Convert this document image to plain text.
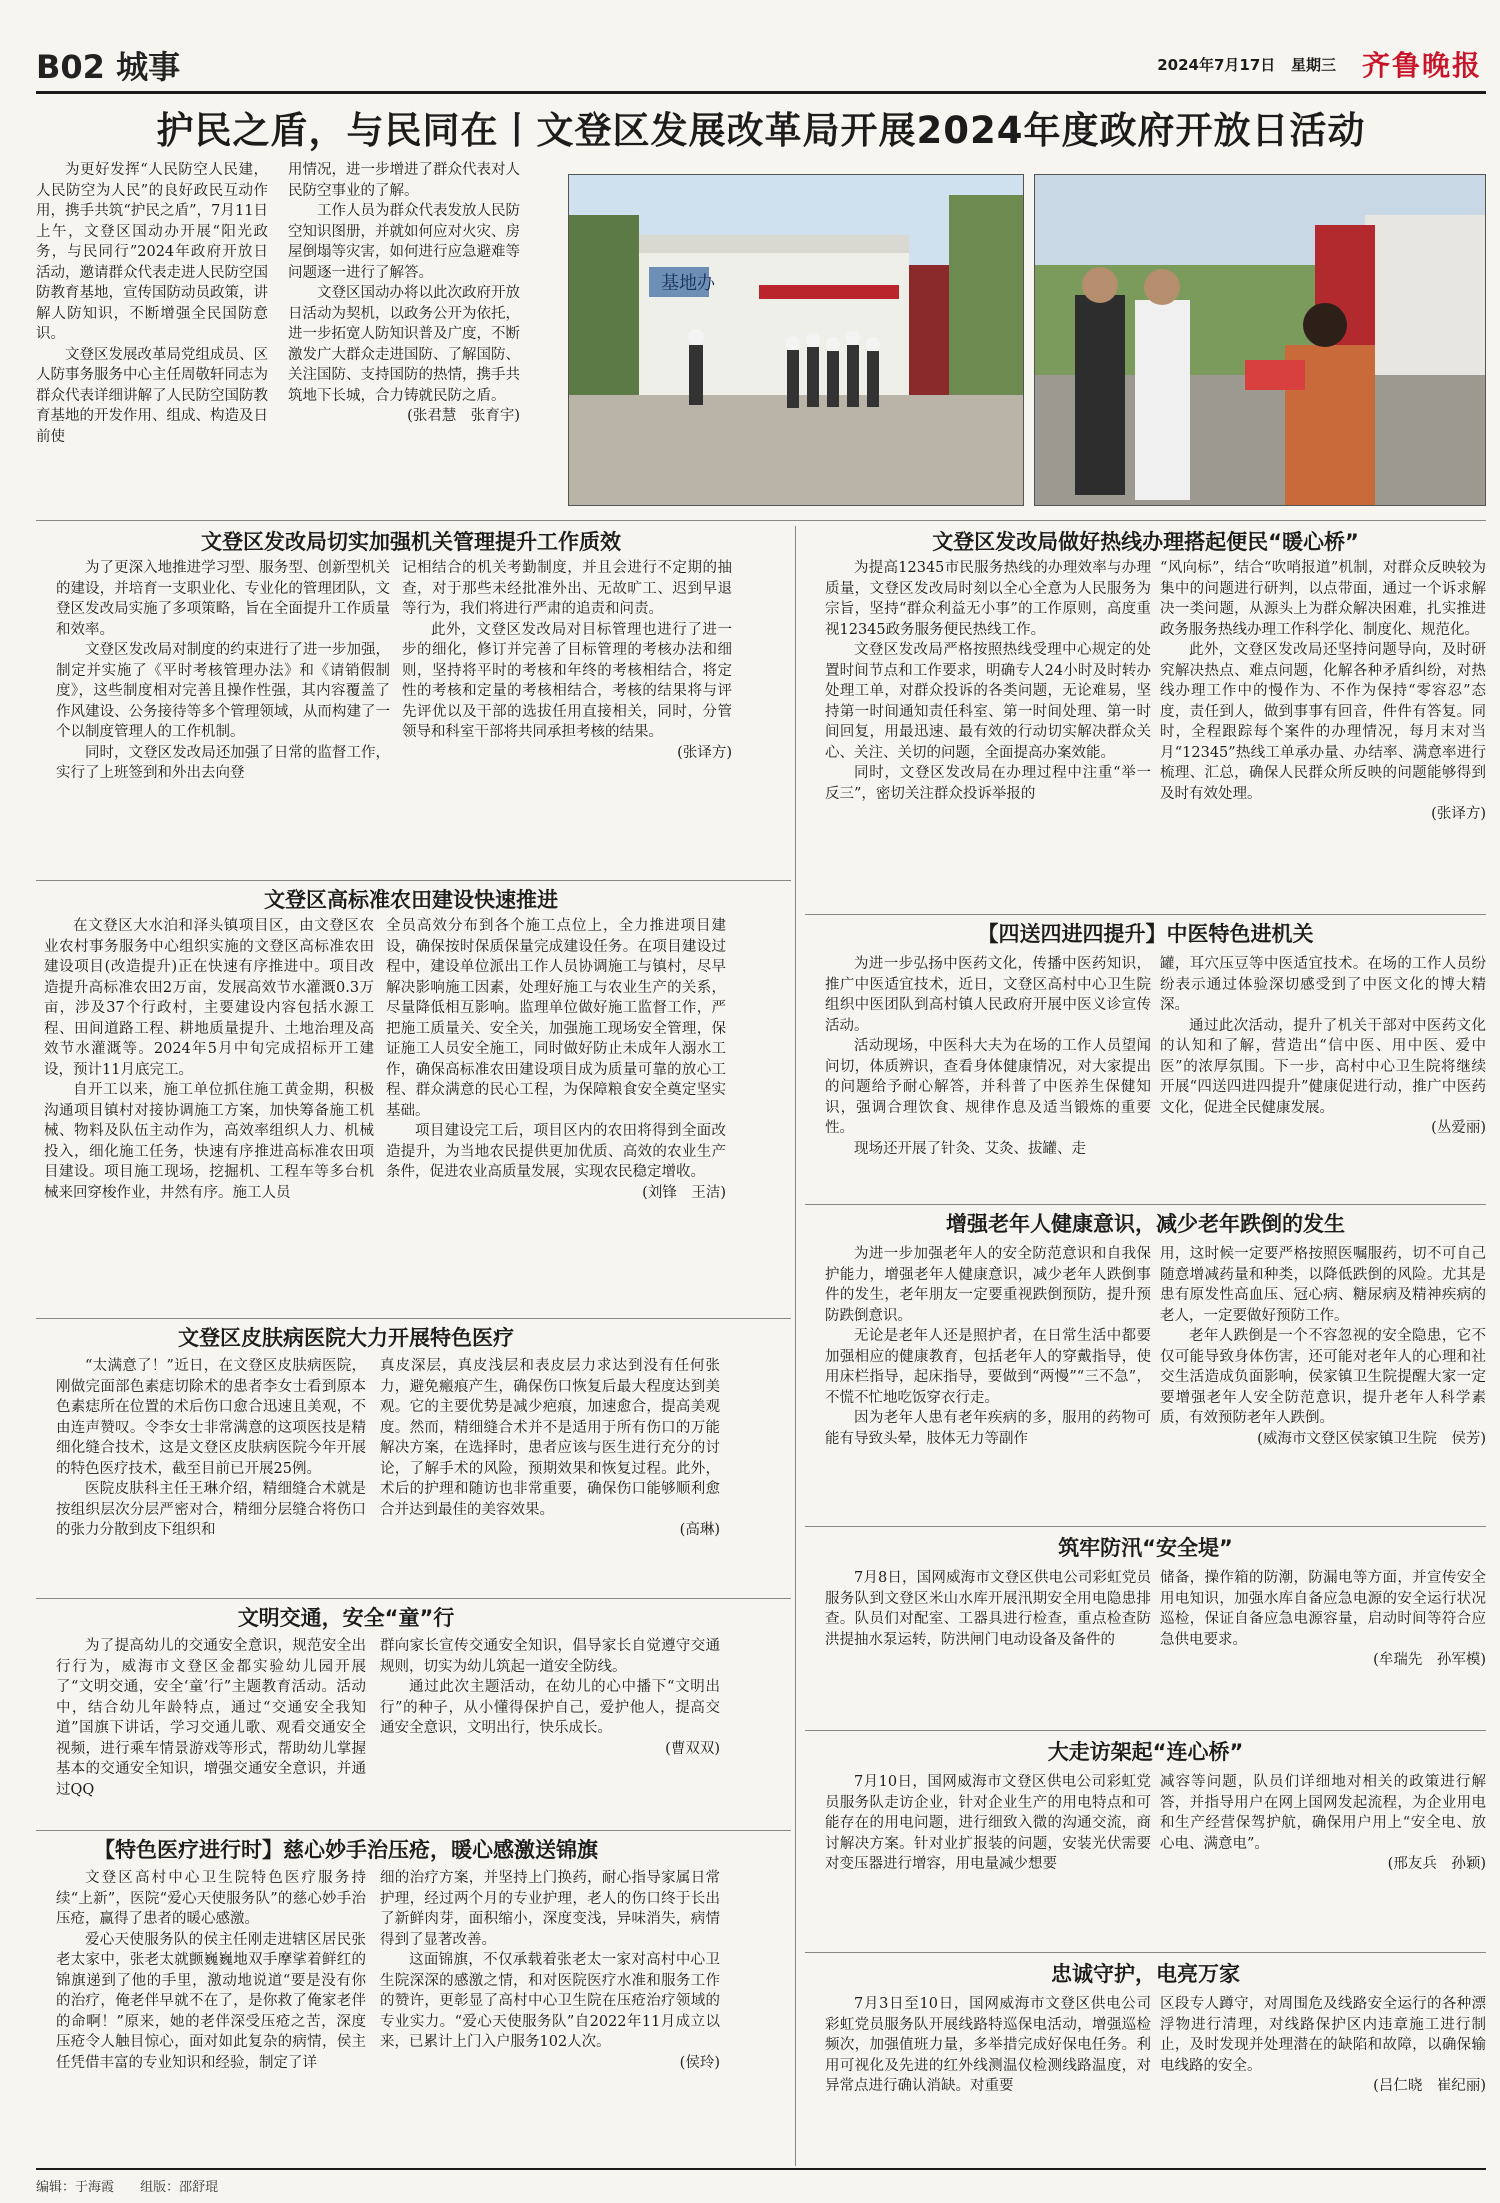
B02 城事	2024年7月17日 星期三 齐鲁晚报
护民之盾，与民同在丨文登区发展改革局开展2024年度政府开放日活动

为更好发挥“人民防空人民建，人民防空为人民”的良好政民互动作用，携手共筑“护民之盾”，7月11日上午，文登区国动办开展“阳光政务，与民同行”2024年政府开放日活动，邀请群众代表走进人民防空国防教育基地，宣传国防动员政策，讲解人防知识，不断增强全民国防意识。

文登区发展改革局党组成员、区人防事务服务中心主任周敬轩同志为群众代表详细讲解了人民防空国防教育基地的开发作用、组成、构造及日前使

用情况，进一步增进了群众代表对人民防空事业的了解。

工作人员为群众代表发放人民防空知识图册，并就如何应对火灾、房屋倒塌等灾害，如何进行应急避难等问题逐一进行了解答。

文登区国动办将以此次政府开放日活动为契机，以政务公开为依托，进一步拓宽人防知识普及广度，不断激发广大群众走进国防、了解国防、关注国防、支持国防的热情，携手共筑地下长城，合力铸就民防之盾。

(张君慧　张育宇)
基地办
文登区发改局切实加强机关管理提升工作质效

为了更深入地推进学习型、服务型、创新型机关的建设，并培育一支职业化、专业化的管理团队，文登区发改局实施了多项策略，旨在全面提升工作质量和效率。

文登区发改局对制度的约束进行了进一步加强，制定并实施了《平时考核管理办法》和《请销假制度》，这些制度相对完善且操作性强，其内容覆盖了作风建设、公务接待等多个管理领域，从而构建了一个以制度管理人的工作机制。

同时，文登区发改局还加强了日常的监督工作，实行了上班签到和外出去向登

记相结合的机关考勤制度，并且会进行不定期的抽查，对于那些未经批准外出、无故旷工、迟到早退等行为，我们将进行严肃的追责和问责。

此外，文登区发改局对目标管理也进行了进一步的细化，修订并完善了目标管理的考核办法和细则，坚持将平时的考核和年终的考核相结合，将定性的考核和定量的考核相结合，考核的结果将与评先评优以及干部的选拔任用直接相关，同时，分管领导和科室干部将共同承担考核的结果。

(张译方)
文登区发改局做好热线办理搭起便民“暖心桥”

为提高12345市民服务热线的办理效率与办理质量，文登区发改局时刻以全心全意为人民服务为宗旨，坚持“群众利益无小事”的工作原则，高度重视12345政务服务便民热线工作。

文登区发改局严格按照热线受理中心规定的处置时间节点和工作要求，明确专人24小时及时转办处理工单，对群众投诉的各类问题，无论难易，坚持第一时间通知责任科室、第一时间处理、第一时间回复，用最迅速、最有效的行动切实解决群众关心、关注、关切的问题，全面提高办案效能。

同时，文登区发改局在办理过程中注重“举一反三”，密切关注群众投诉举报的

“风向标”，结合“吹哨报道”机制，对群众反映较为集中的问题进行研判，以点带面，通过一个诉求解决一类问题，从源头上为群众解决困难，扎实推进政务服务热线办理工作科学化、制度化、规范化。

此外，文登区发改局还坚持问题导向，及时研究解决热点、难点问题，化解各种矛盾纠纷，对热线办理工作中的慢作为、不作为保持“零容忍”态度，责任到人，做到事事有回音，件件有答复。同时，全程跟踪每个案件的办理情况，每月末对当月“12345”热线工单承办量、办结率、满意率进行梳理、汇总，确保人民群众所反映的问题能够得到及时有效处理。

(张译方)
文登区高标准农田建设快速推进

在文登区大水泊和泽头镇项目区，由文登区农业农村事务服务中心组织实施的文登区高标准农田建设项目(改造提升)正在快速有序推进中。项目改造提升高标准农田2万亩，发展高效节水灌溉0.3万亩，涉及37个行政村，主要建设内容包括水源工程、田间道路工程、耕地质量提升、土地治理及高效节水灌溉等。2024年5月中旬完成招标开工建设，预计11月底完工。

自开工以来，施工单位抓住施工黄金期，积极沟通项目镇村对接协调施工方案，加快筹备施工机械、物料及队伍主动作为，高效率组织人力、机械投入，细化施工任务，快速有序推进高标准农田项目建设。项目施工现场，挖掘机、工程车等多台机械来回穿梭作业，井然有序。施工人员

全员高效分布到各个施工点位上，全力推进项目建设，确保按时保质保量完成建设任务。在项目建设过程中，建设单位派出工作人员协调施工与镇村，尽早解决影响施工因素，处理好施工与农业生产的关系，尽量降低相互影响。监理单位做好施工监督工作，严把施工质量关、安全关，加强施工现场安全管理，保证施工人员安全施工，同时做好防止未成年人溺水工作，确保高标准农田建设项目成为质量可靠的放心工程、群众满意的民心工程，为保障粮食安全奠定坚实基础。

项目建设完工后，项目区内的农田将得到全面改造提升，为当地农民提供更加优质、高效的农业生产条件，促进农业高质量发展，实现农民稳定增收。

(刘锋　王洁)
【四送四进四提升】中医特色进机关

为进一步弘扬中医药文化，传播中医药知识，推广中医适宜技术，近日，文登区高村中心卫生院组织中医团队到高村镇人民政府开展中医义诊宣传活动。

活动现场，中医科大夫为在场的工作人员望闻问切，体质辨识，查看身体健康情况，对大家提出的问题给予耐心解答，并科普了中医养生保健知识，强调合理饮食、规律作息及适当锻炼的重要性。

现场还开展了针灸、艾灸、拔罐、走

罐，耳穴压豆等中医适宜技术。在场的工作人员纷纷表示通过体验深切感受到了中医文化的博大精深。

通过此次活动，提升了机关干部对中医药文化的认知和了解，营造出“信中医、用中医、爱中医”的浓厚氛围。下一步，高村中心卫生院将继续开展“四送四进四提升”健康促进行动，推广中医药文化，促进全民健康发展。

(丛爱丽)
增强老年人健康意识，减少老年跌倒的发生

为进一步加强老年人的安全防范意识和自我保护能力，增强老年人健康意识，减少老年人跌倒事件的发生，老年朋友一定要重视跌倒预防，提升预防跌倒意识。

无论是老年人还是照护者，在日常生活中都要加强相应的健康教育，包括老年人的穿戴指导，使用床栏指导，起床指导，要做到“两慢”“三不急”，不慌不忙地吃饭穿衣行走。

因为老年人患有老年疾病的多，服用的药物可能有导致头晕，肢体无力等副作

用，这时候一定要严格按照医嘱服药，切不可自己随意增减药量和种类，以降低跌倒的风险。尤其是患有原发性高血压、冠心病、糖尿病及精神疾病的老人，一定要做好预防工作。

老年人跌倒是一个不容忽视的安全隐患，它不仅可能导致身体伤害，还可能对老年人的心理和社交生活造成负面影响，侯家镇卫生院提醒大家一定要增强老年人安全防范意识，提升老年人科学素质，有效预防老年人跌倒。

(威海市文登区侯家镇卫生院　侯芳)
文登区皮肤病医院大力开展特色医疗

“太满意了！”近日，在文登区皮肤病医院，刚做完面部色素痣切除术的患者李女士看到原本色素痣所在位置的术后伤口愈合迅速且美观，不由连声赞叹。令李女士非常满意的这项医技是精细化缝合技术，这是文登区皮肤病医院今年开展的特色医疗技术，截至目前已开展25例。

医院皮肤科主任王琳介绍，精细缝合术就是按组织层次分层严密对合，精细分层缝合将伤口的张力分散到皮下组织和

真皮深层，真皮浅层和表皮层力求达到没有任何张力，避免瘢痕产生，确保伤口恢复后最大程度达到美观。它的主要优势是减少疤痕，加速愈合，提高美观度。然而，精细缝合术并不是适用于所有伤口的万能解决方案，在选择时，患者应该与医生进行充分的讨论，了解手术的风险，预期效果和恢复过程。此外，术后的护理和随访也非常重要，确保伤口能够顺利愈合并达到最佳的美容效果。

(高琳)
筑牢防汛“安全堤”

7月8日，国网威海市文登区供电公司彩虹党员服务队到文登区米山水库开展汛期安全用电隐患排查。队员们对配室、工器具进行检查，重点检查防洪提抽水泵运转，防洪闸门电动设备及备件的

储备，操作箱的防潮，防漏电等方面，并宣传安全用电知识，加强水库自备应急电源的安全运行状况巡检，保证自备应急电源容量，启动时间等符合应急供电要求。

(牟瑞先　孙军模)
文明交通，安全“童”行

为了提高幼儿的交通安全意识，规范安全出行行为，威海市文登区金都实验幼儿园开展了“文明交通，安全‘童’行”主题教育活动。活动中，结合幼儿年龄特点，通过“交通安全我知道”国旗下讲话，学习交通儿歌、观看交通安全视频，进行乘车情景游戏等形式，帮助幼儿掌握基本的交通安全知识，增强交通安全意识，并通过QQ

群向家长宣传交通安全知识，倡导家长自觉遵守交通规则，切实为幼儿筑起一道安全防线。

通过此次主题活动，在幼儿的心中播下“文明出行”的种子，从小懂得保护自己，爱护他人，提高交通安全意识，文明出行，快乐成长。

(曹双双)	大走访架起“连心桥”

7月10日，国网威海市文登区供电公司彩虹党员服务队走访企业，针对企业生产的用电特点和可能存在的用电问题，进行细致入微的沟通交流，商讨解决方案。针对业扩报装的问题，安装光伏需要对变压器进行增容，用电量减少想要

减容等问题，队员们详细地对相关的政策进行解答，并指导用户在网上国网发起流程，为企业用电和生产经营保驾护航，确保用户用上“安全电、放心电、满意电”。

(邢友兵　孙颖)
【特色医疗进行时】慈心妙手治压疮，暖心感激送锦旗

文登区高村中心卫生院特色医疗服务持续“上新”，医院“爱心天使服务队”的慈心妙手治压疮，赢得了患者的暖心感激。

爱心天使服务队的侯主任刚走进辖区居民张老太家中，张老太就颤巍巍地双手摩挲着鲜红的锦旗递到了他的手里，激动地说道“要是没有你的治疗，俺老伴早就不在了，是你救了俺家老伴的命啊！”原来，她的老伴深受压疮之苦，深度压疮令人触目惊心，面对如此复杂的病情，侯主任凭借丰富的专业知识和经验，制定了详

细的治疗方案，并坚持上门换药，耐心指导家属日常护理，经过两个月的专业护理，老人的伤口终于长出了新鲜肉芽，面积缩小，深度变浅，异味消失，病情得到了显著改善。

这面锦旗，不仅承载着张老太一家对高村中心卫生院深深的感激之情，和对医院医疗水准和服务工作的赞许，更彰显了高村中心卫生院在压疮治疗领域的专业实力。“爱心天使服务队”自2022年11月成立以来，已累计上门入户服务102人次。

(侯玲)
忠诚守护，电亮万家

7月3日至10日，国网威海市文登区供电公司彩虹党员服务队开展线路特巡保电活动，增强巡检频次，加强值班力量，多举措完成好保电任务。利用可视化及先进的红外线测温仪检测线路温度，对异常点进行确认消缺。对重要

区段专人蹲守，对周围危及线路安全运行的各种漂浮物进行清理，对线路保护区内违章施工进行制止，及时发现并处理潜在的缺陷和故障，以确保输电线路的安全。

(吕仁晓　崔纪丽)
编辑：于海霞 组版：邵舒琨
